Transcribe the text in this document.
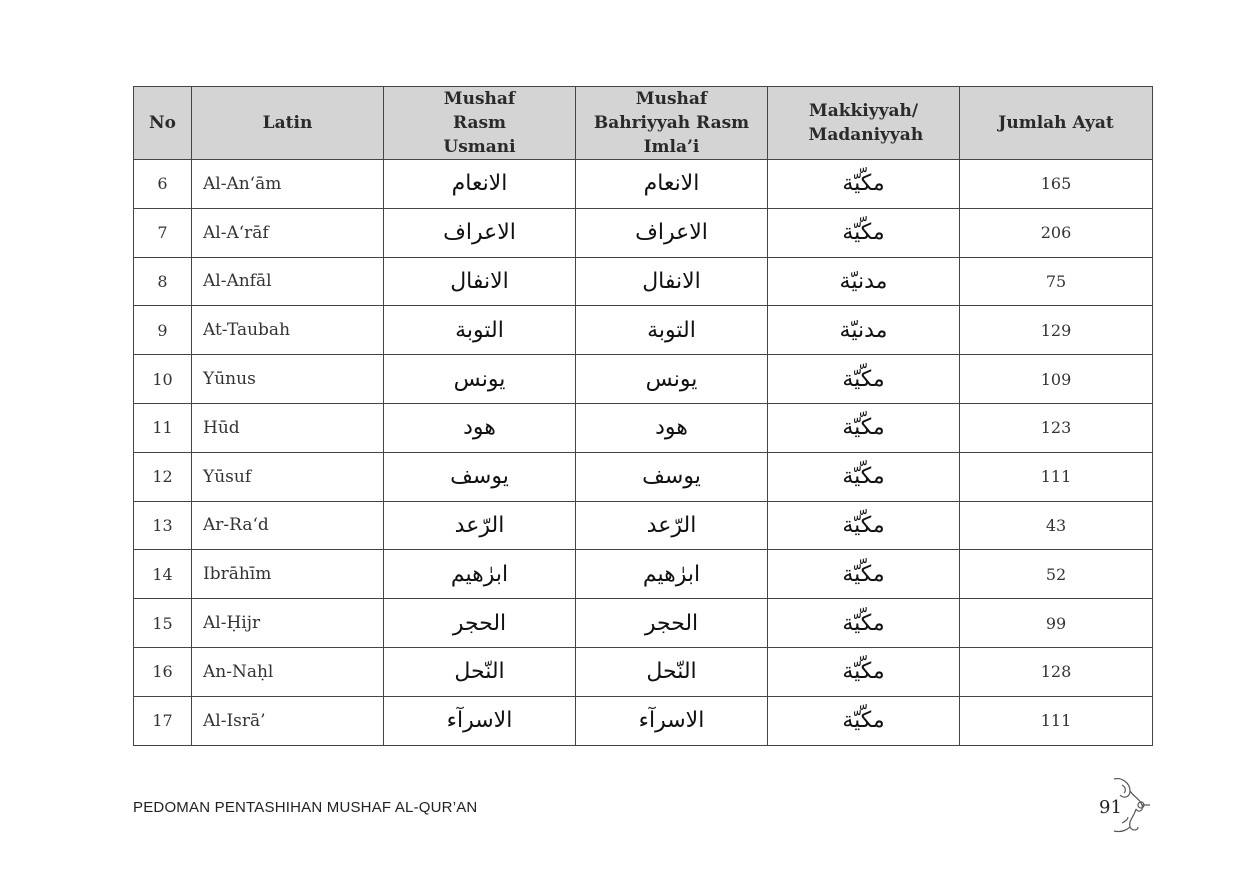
No	Latin	Mushaf Rasm Usmani	Mushaf Bahriyyah Rasm Imla’i	Makkiyyah/ Madaniyyah	Jumlah Ayat
6	Al-An‘ām	الانعام	الانعام	مكّيّة	165
7	Al-A‘rāf	الاعراف	الاعراف	مكّيّة	206
8	Al-Anfāl	الانفال	الانفال	مدنيّة	75
9	At-Taubah	التوبة	التوبة	مدنيّة	129
10	Yūnus	يونس	يونس	مكّيّة	109
11	Hūd	هود	هود	مكّيّة	123
12	Yūsuf	يوسف	يوسف	مكّيّة	111
13	Ar-Ra‘d	الرّعد	الرّعد	مكّيّة	43
14	Ibrāhīm	ابرٰهيم	ابرٰهيم	مكّيّة	52
15	Al-Ḥijr	الحجر	الحجر	مكّيّة	99
16	An-Naḥl	النّحل	النّحل	مكّيّة	128
17	Al-Isrā’	الاسرآء	الاسرآء	مكّيّة	111
PEDOMAN PENTASHIHAN MUSHAF AL-QUR’AN	91
